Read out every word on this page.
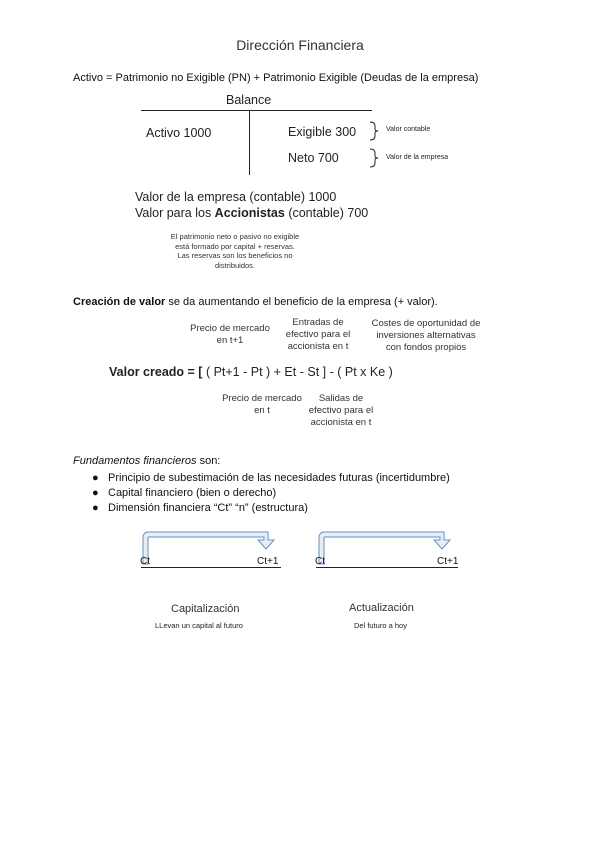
Dirección Financiera
Activo = Patrimonio no Exigible (PN) + Patrimonio Exigible (Deudas de la empresa)
Balance
Activo 1000	Exigible 300
Neto 700
Valor contable
Valor de la empresa
Valor de la empresa (contable) 1000
Valor para los Accionistas (contable) 700
El patrimonio neto o pasivo no exigible
está formado por capital + reservas.
Las reservas son los beneficios no
distribuidos.
Creación de valor se da aumentando el beneficio de la empresa (+ valor).
Precio de mercado
en t+1
Entradas de
efectivo para el
accionista en t
Costes de oportunidad de
inversiones alternativas
con fondos propios
Valor creado = [ ( Pt+1 - Pt ) + Et - St ] - ( Pt x Ke )
Precio de mercado
en t
Salidas de
efectivo para el
accionista en t
Fundamentos financieros son:
● Principio de subestimación de las necesidades futuras (incertidumbre)
● Capital financiero (bien o derecho)
● Dimensión financiera “Ct” “n” (estructura)
Ct	Ct+1
Capitalización
LLevan un capital al futuro
Ct	Ct+1
Actualización
Del futuro a hoy
